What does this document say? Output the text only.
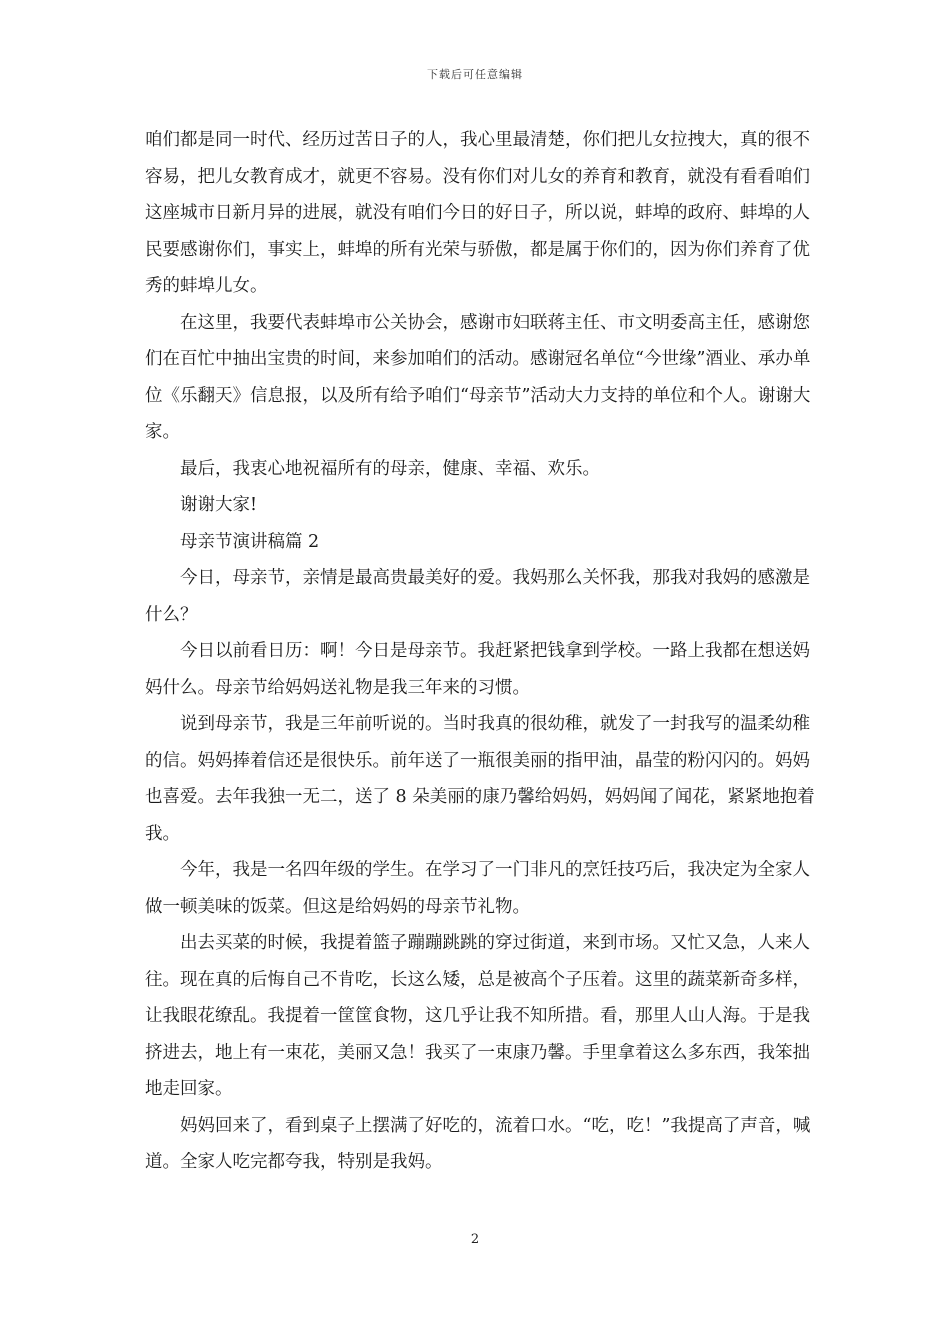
下载后可任意编辑

咱们都是同一时代、经历过苦日子的人，我心里最清楚，你们把儿女拉拽大，真的很不容易，把儿女教育成才，就更不容易。没有你们对儿女的养育和教育，就没有看看咱们这座城市日新月异的进展，就没有咱们今日的好日子，所以说，蚌埠的政府、蚌埠的人民要感谢你们，事实上，蚌埠的所有光荣与骄傲，都是属于你们的，因为你们养育了优秀的蚌埠儿女。

在这里，我要代表蚌埠市公关协会，感谢市妇联蒋主任、市文明委高主任，感谢您们在百忙中抽出宝贵的时间，来参加咱们的活动。感谢冠名单位“今世缘”酒业、承办单位《乐翻天》信息报，以及所有给予咱们“母亲节”活动大力支持的单位和个人。谢谢大家。

最后，我衷心地祝福所有的母亲，健康、幸福、欢乐。

谢谢大家!

母亲节演讲稿篇 2

今日，母亲节，亲情是最高贵最美好的爱。我妈那么关怀我，那我对我妈的感激是什么？

今日以前看日历：啊！今日是母亲节。我赶紧把钱拿到学校。一路上我都在想送妈妈什么。母亲节给妈妈送礼物是我三年来的习惯。

说到母亲节，我是三年前听说的。当时我真的很幼稚，就发了一封我写的温柔幼稚的信。妈妈捧着信还是很快乐。前年送了一瓶很美丽的指甲油，晶莹的粉闪闪的。妈妈也喜爱。去年我独一无二，送了 8 朵美丽的康乃馨给妈妈，妈妈闻了闻花，紧紧地抱着我。

今年，我是一名四年级的学生。在学习了一门非凡的烹饪技巧后，我决定为全家人做一顿美味的饭菜。但这是给妈妈的母亲节礼物。

出去买菜的时候，我提着篮子蹦蹦跳跳的穿过街道，来到市场。又忙又急，人来人往。现在真的后悔自己不肯吃，长这么矮，总是被高个子压着。这里的蔬菜新奇多样，让我眼花缭乱。我提着一筐筐食物，这几乎让我不知所措。看，那里人山人海。于是我挤进去，地上有一束花，美丽又急！我买了一束康乃馨。手里拿着这么多东西，我笨拙地走回家。

妈妈回来了，看到桌子上摆满了好吃的，流着口水。“吃，吃！”我提高了声音，喊道。全家人吃完都夸我，特别是我妈。

2
